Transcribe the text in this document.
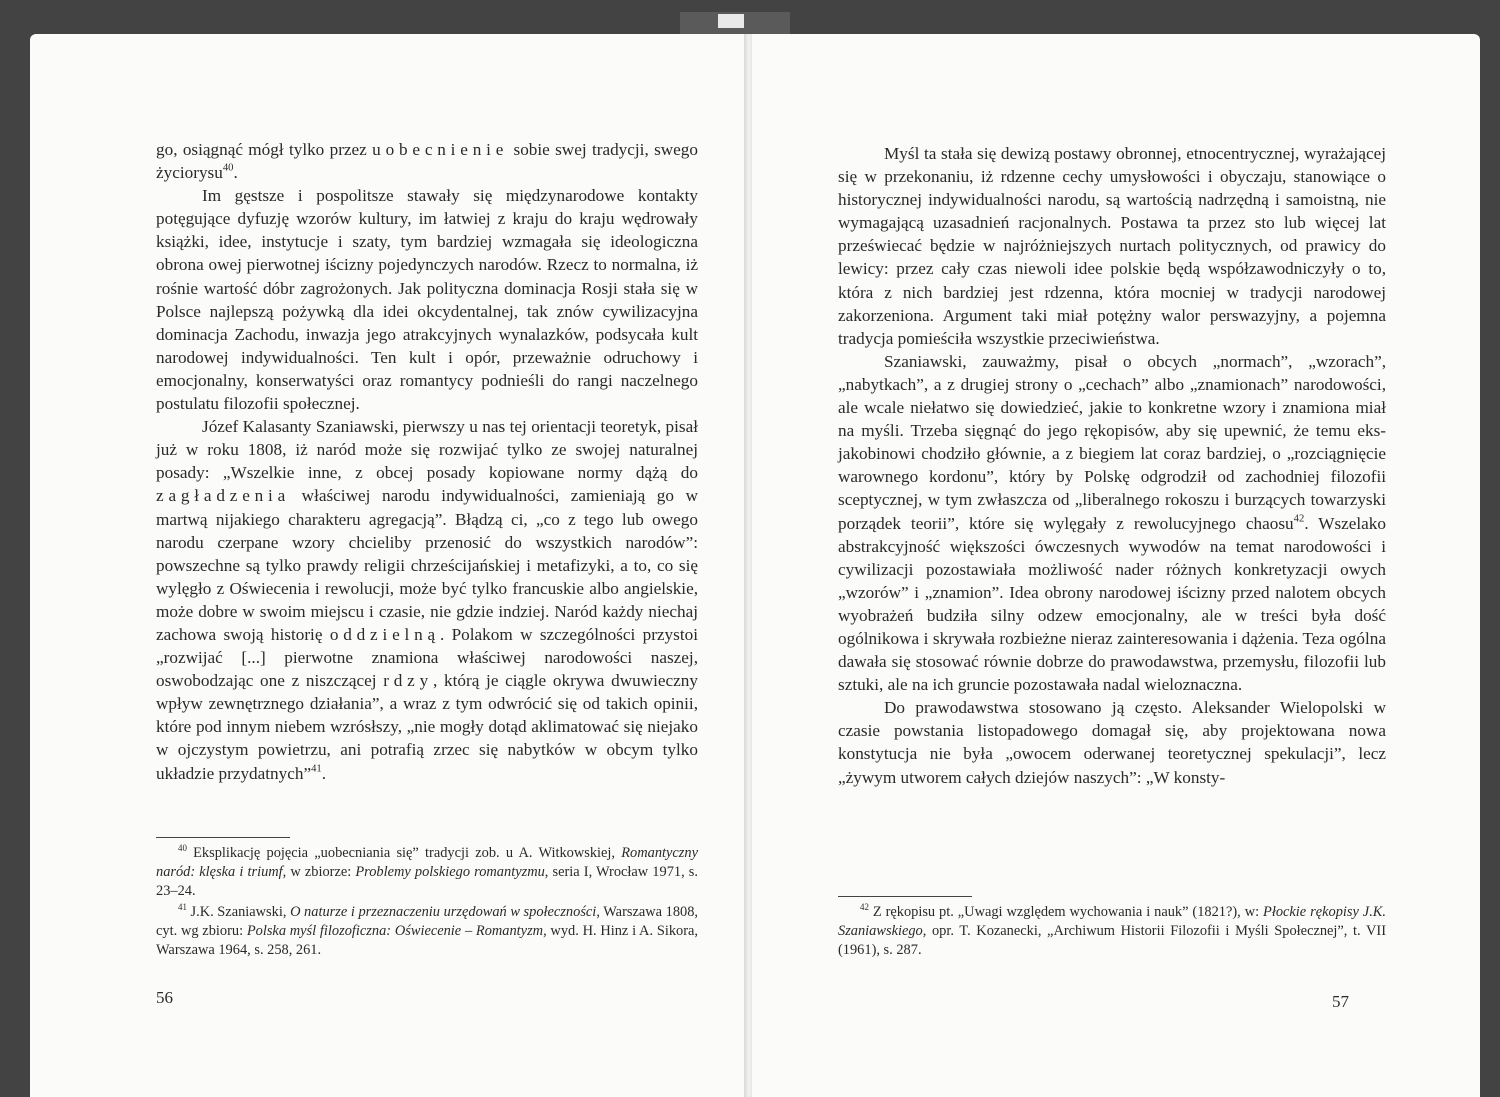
go, osiągnąć mógł tylko przez uobecnienie sobie swej tradycji, swego życiorysu$^{40}$.

Im gęstsze i pospolitsze stawały się międzynarodowe kontakty potęgujące dyfuzję wzorów kultury, im łatwiej z kraju do kraju wędrowały książki, idee, instytucje i szaty, tym bardziej wzmagała się ideologiczna obrona owej pierwotnej iścizny pojedynczych narodów. Rzecz to normalna, iż rośnie wartość dóbr zagrożonych. Jak polityczna dominacja Rosji stała się w Polsce najlepszą pożywką dla idei okcydentalnej, tak znów cywilizacyjna dominacja Zachodu, inwazja jego atrakcyjnych wynalazków, podsycała kult narodowej indywidualności. Ten kult i opór, przeważnie odruchowy i emocjonalny, konserwatyści oraz romantycy podnieśli do rangi naczelnego postulatu filozofii społecznej.

Józef Kalasanty Szaniawski, pierwszy u nas tej orientacji teoretyk, pisał już w roku 1808, iż naród może się rozwijać tylko ze swojej naturalnej posady: „Wszelkie inne, z obcej posady kopiowane normy dążą do zagładzenia właściwej narodu indywidualności, zamieniają go w martwą nijakiego charakteru agregacją”. Błądzą ci, „co z tego lub owego narodu czerpane wzory chcieliby przenosić do wszystkich narodów”: powszechne są tylko prawdy religii chrześcijańskiej i metafizyki, a to, co się wylęgło z Oświecenia i rewolucji, może być tylko francuskie albo angielskie, może dobre w swoim miejscu i czasie, nie gdzie indziej. Naród każdy niechaj zachowa swoją historię oddzielną. Polakom w szczególności przystoi „rozwijać [...] pierwotne znamiona właściwej narodowości naszej, oswobodzając one z niszczącej rdzy, którą je ciągle okrywa dwuwieczny wpływ zewnętrznego działania”, a wraz z tym odwrócić się od takich opinii, które pod innym niebem wzrósłszy, „nie mogły dotąd aklimatować się niejako w ojczystym powietrzu, ani potrafią zrzec się nabytków w obcym tylko układzie przydatnych”$^{41}$.

$^{40}$ Eksplikację pojęcia „uobecniania się” tradycji zob. u A. Witkowskiej, Romantyczny naród: klęska i triumf, w zbiorze: Problemy polskiego romantyzmu, seria I, Wrocław 1971, s. 23–24.

$^{41}$ J.K. Szaniawski, O naturze i przeznaczeniu urzędowań w społeczności, Warszawa 1808, cyt. wg zbioru: Polska myśl filozoficzna: Oświecenie – Romantyzm, wyd. H. Hinz i A. Sikora, Warszawa 1964, s. 258, 261.

56

Myśl ta stała się dewizą postawy obronnej, etnocentrycznej, wyrażającej się w przekonaniu, iż rdzenne cechy umysłowości i obyczaju, stanowiące o historycznej indywidualności narodu, są wartością nadrzędną i samoistną, nie wymagającą uzasadnień racjonalnych. Postawa ta przez sto lub więcej lat przeświecać będzie w najróżniejszych nurtach politycznych, od prawicy do lewicy: przez cały czas niewoli idee polskie będą współzawodniczyły o to, która z nich bardziej jest rdzenna, która mocniej w tradycji narodowej zakorzeniona. Argument taki miał potężny walor perswazyjny, a pojemna tradycja pomieściła wszystkie przeciwieństwa.

Szaniawski, zauważmy, pisał o obcych „normach”, „wzorach”, „nabytkach”, a z drugiej strony o „cechach” albo „znamionach” narodowości, ale wcale niełatwo się dowiedzieć, jakie to konkretne wzory i znamiona miał na myśli. Trzeba sięgnąć do jego rękopisów, aby się upewnić, że temu eks-jakobinowi chodziło głównie, a z biegiem lat coraz bardziej, o „rozciągnięcie warownego kordonu”, który by Polskę odgrodził od zachodniej filozofii sceptycznej, w tym zwłaszcza od „liberalnego rokoszu i burzących towarzyski porządek teorii”, które się wylęgały z rewolucyjnego chaosu$^{42}$. Wszelako abstrakcyjność większości ówczesnych wywodów na temat narodowości i cywilizacji pozostawiała możliwość nader różnych konkretyzacji owych „wzorów” i „znamion”. Idea obrony narodowej iścizny przed nalotem obcych wyobrażeń budziła silny odzew emocjonalny, ale w treści była dość ogólnikowa i skrywała rozbieżne nieraz zainteresowania i dążenia. Teza ogólna dawała się stosować równie dobrze do prawodawstwa, przemysłu, filozofii lub sztuki, ale na ich gruncie pozostawała nadal wieloznaczna.

Do prawodawstwa stosowano ją często. Aleksander Wielopolski w czasie powstania listopadowego domagał się, aby projektowana nowa konstytucja nie była „owocem oderwanej teoretycznej spekulacji”, lecz „żywym utworem całych dziejów naszych”: „W konsty-

$^{42}$ Z rękopisu pt. „Uwagi względem wychowania i nauk” (1821?), w: Płockie rękopisy J.K. Szaniawskiego, opr. T. Kozanecki, „Archiwum Historii Filozofii i Myśli Społecznej”, t. VII (1961), s. 287.

57
